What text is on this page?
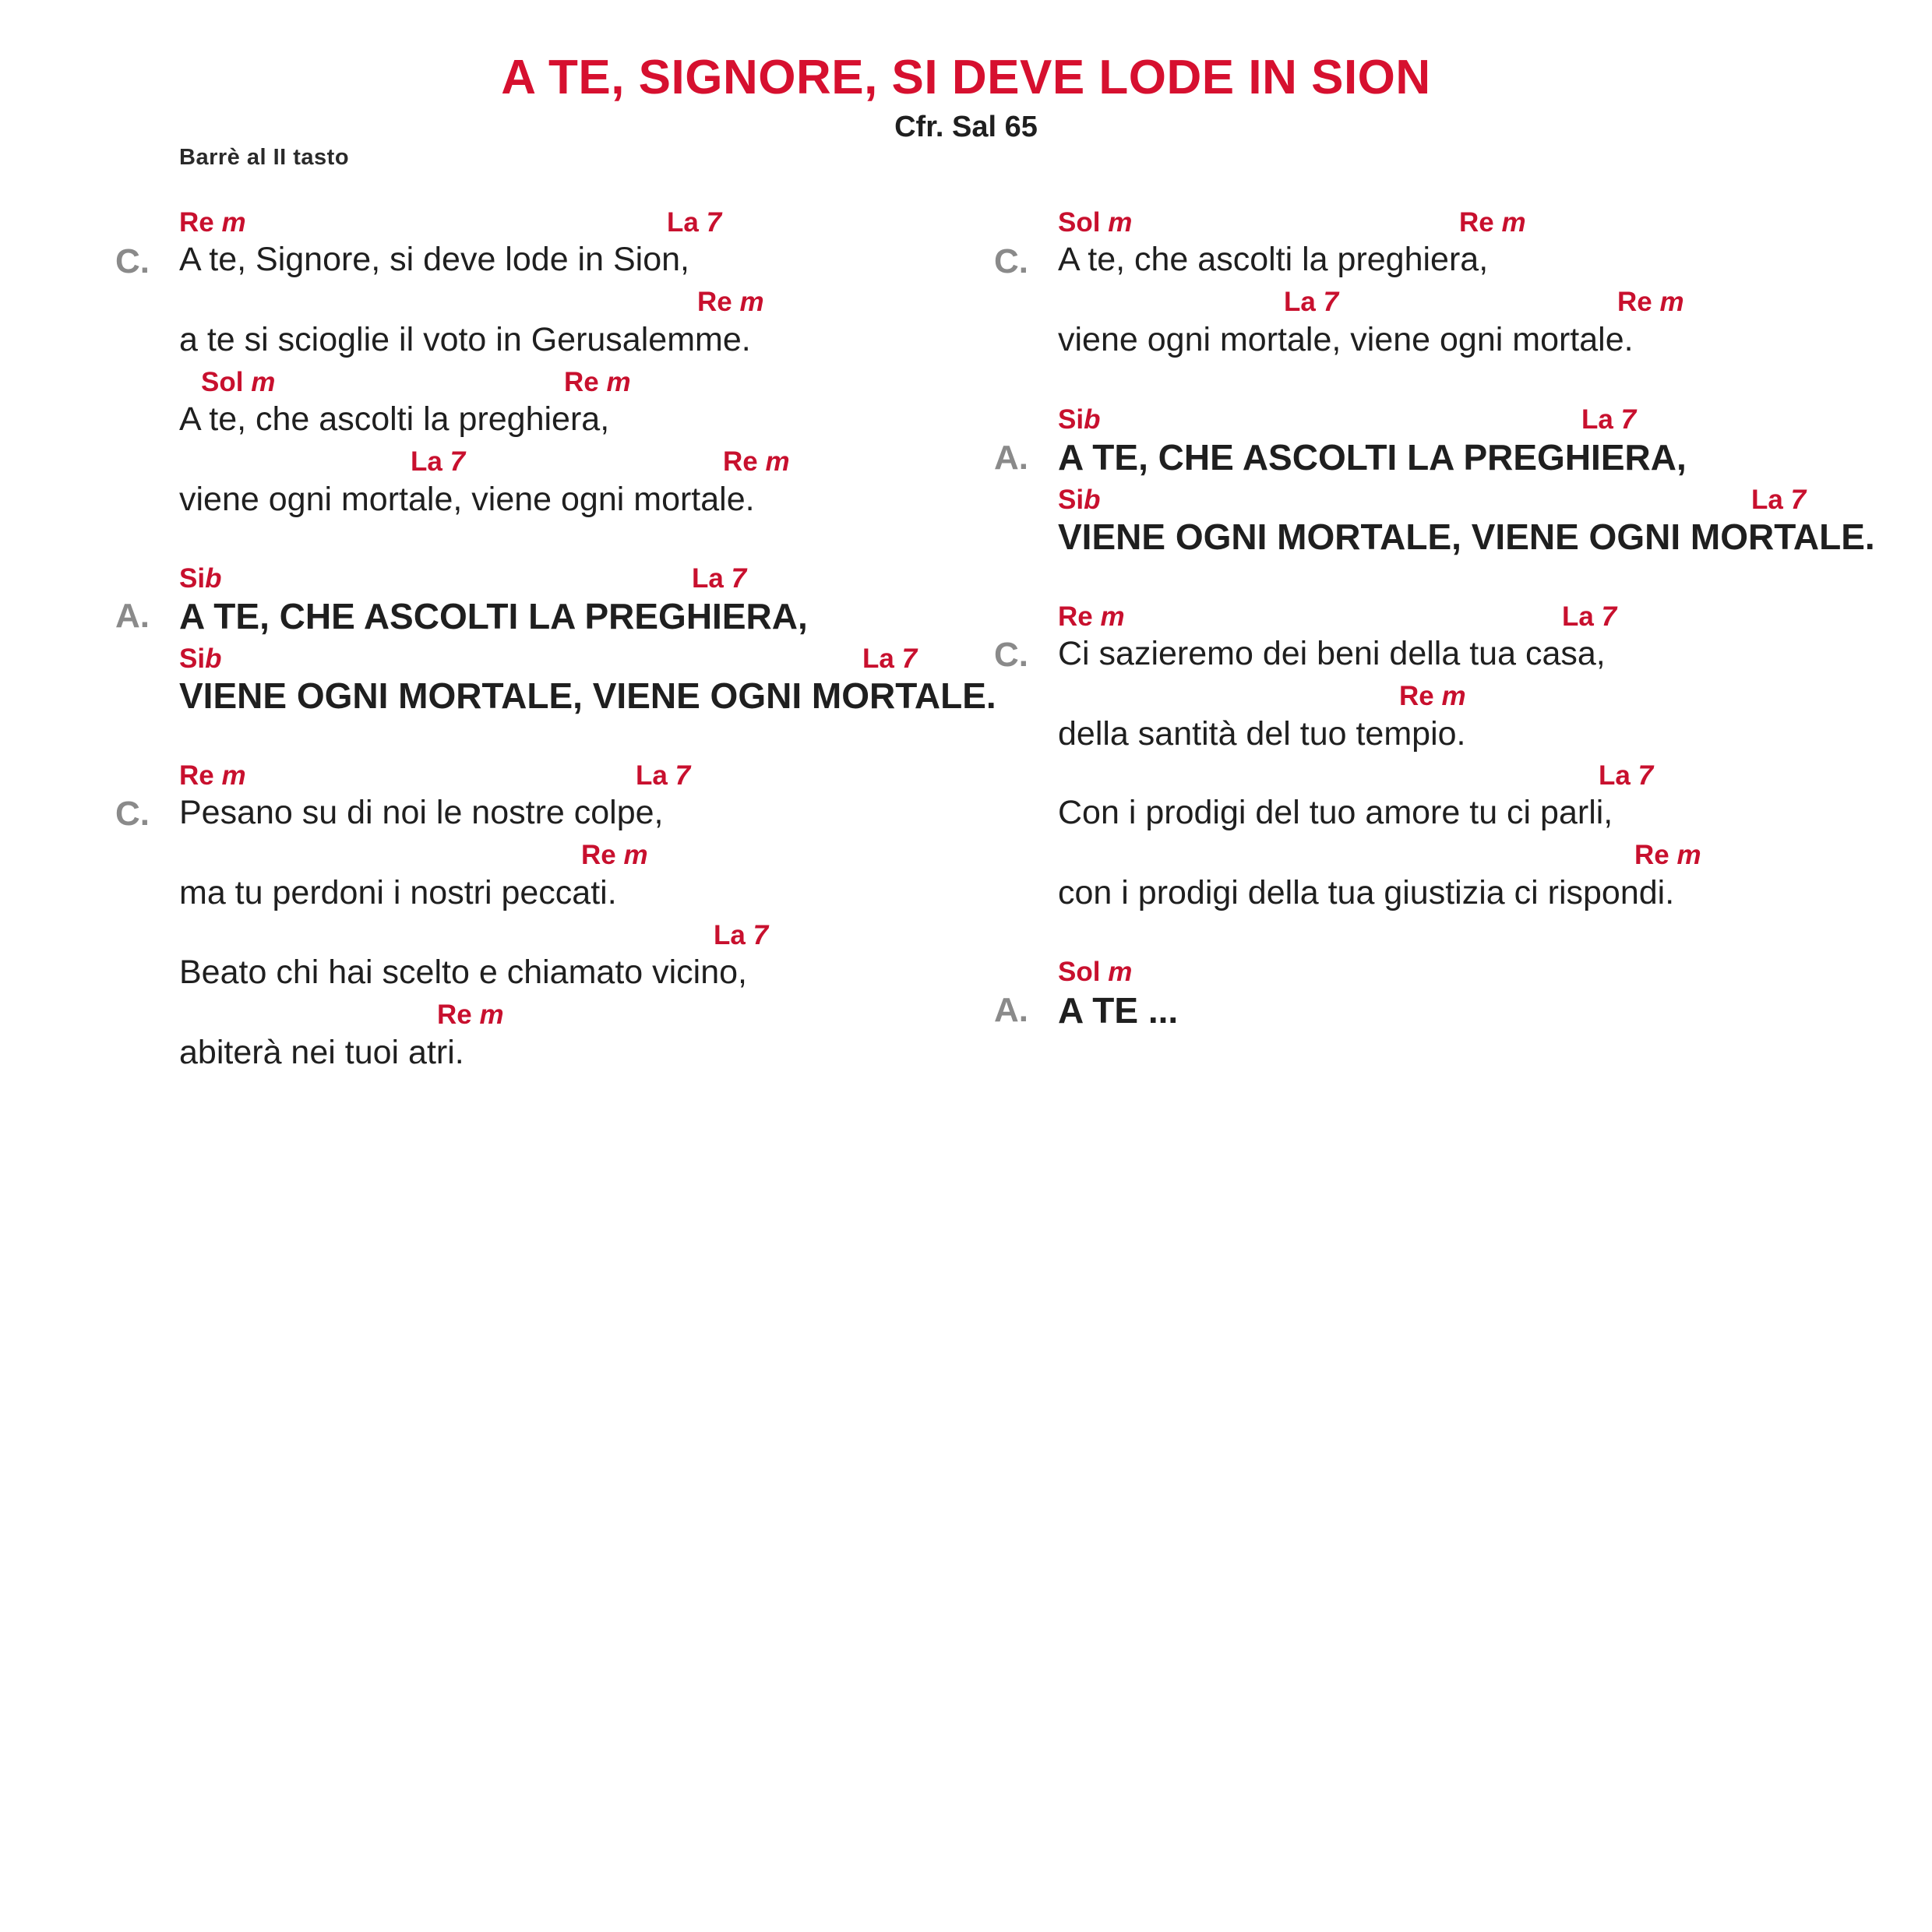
A TE, SIGNORE, SI DEVE LODE IN SION
Cfr. Sal 65
Barrè al II tasto
C.
Re m	La 7
A te, Signore, si deve lode in Sion,
Re m
a te si scioglie il voto in Gerusalemme.
Sol m	Re m
A te, che ascolti la preghiera,
La 7	Re m
viene ogni mortale, viene ogni mortale.
A.
Sib	La 7
A TE, CHE ASCOLTI LA PREGHIERA,
Sib	La 7
VIENE OGNI MORTALE, VIENE OGNI MORTALE.
C.
Re m	La 7
Pesano su di noi le nostre colpe,
Re m
ma tu perdoni i nostri peccati.
La 7
Beato chi hai scelto e chiamato vicino,
Re m
abiterà nei tuoi atri.
C.
Sol m	Re m
A te, che ascolti la preghiera,
La 7	Re m
viene ogni mortale, viene ogni mortale.
A.
Sib	La 7
A TE, CHE ASCOLTI LA PREGHIERA,
Sib	La 7
VIENE OGNI MORTALE, VIENE OGNI MORTALE.
C.
Re m	La 7
Ci sazieremo dei beni della tua casa,
Re m
della santità del tuo tempio.
La 7
Con i prodigi del tuo amore tu ci parli,
Re m
con i prodigi della tua giustizia ci rispondi.
A.
Sol m
A TE ...
